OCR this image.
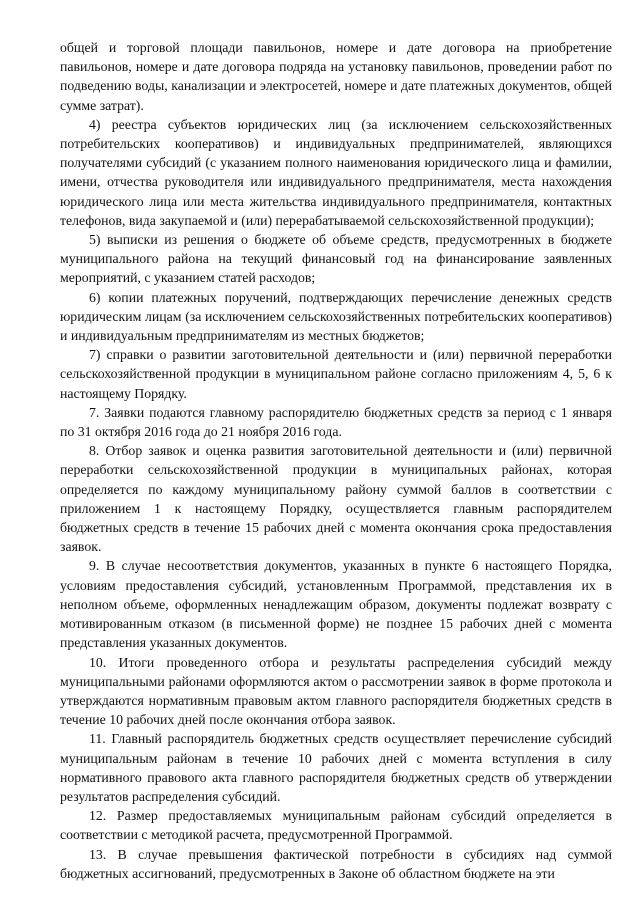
общей и торговой площади павильонов, номере и дате договора на приобретение павильонов, номере и дате договора подряда на установку павильонов, проведении работ по подведению воды, канализации и электросетей, номере и дате платежных документов, общей сумме затрат).

4) реестра субъектов юридических лиц (за исключением сельскохозяйственных потребительских кооперативов) и индивидуальных предпринимателей, являющихся получателями субсидий (с указанием полного наименования юридического лица и фамилии, имени, отчества руководителя или индивидуального предпринимателя, места нахождения юридического лица или места жительства индивидуального предпринимателя, контактных телефонов, вида закупаемой и (или) перерабатываемой сельскохозяйственной продукции);

5) выписки из решения о бюджете об объеме средств, предусмотренных в бюджете муниципального района на текущий финансовый год на финансирование заявленных мероприятий, с указанием статей расходов;

6) копии платежных поручений, подтверждающих перечисление денежных средств юридическим лицам (за исключением сельскохозяйственных потребительских кооперативов) и индивидуальным предпринимателям из местных бюджетов;

7) справки о развитии заготовительной деятельности и (или) первичной переработки сельскохозяйственной продукции в муниципальном районе согласно приложениям 4, 5, 6 к настоящему Порядку.

7. Заявки подаются главному распорядителю бюджетных средств за период с 1 января по 31 октября 2016 года до 21 ноября 2016 года.

8. Отбор заявок и оценка развития заготовительной деятельности и (или) первичной переработки сельскохозяйственной продукции в муниципальных районах, которая определяется по каждому муниципальному району суммой баллов в соответствии с приложением 1 к настоящему Порядку, осуществляется главным распорядителем бюджетных средств в течение 15 рабочих дней с момента окончания срока предоставления заявок.

9. В случае несоответствия документов, указанных в пункте 6 настоящего Порядка, условиям предоставления субсидий, установленным Программой, представления их в неполном объеме, оформленных ненадлежащим образом, документы подлежат возврату с мотивированным отказом (в письменной форме) не позднее 15 рабочих дней с момента представления указанных документов.

10. Итоги проведенного отбора и результаты распределения субсидий между муниципальными районами оформляются актом о рассмотрении заявок в форме протокола и утверждаются нормативным правовым актом главного распорядителя бюджетных средств в течение 10 рабочих дней после окончания отбора заявок.

11. Главный распорядитель бюджетных средств осуществляет перечисление субсидий муниципальным районам в течение 10 рабочих дней с момента вступления в силу нормативного правового акта главного распорядителя бюджетных средств об утверждении результатов распределения субсидий.

12. Размер предоставляемых муниципальным районам субсидий определяется в соответствии с методикой расчета, предусмотренной Программой.

13. В случае превышения фактической потребности в субсидиях над суммой бюджетных ассигнований, предусмотренных в Законе об областном бюджете на эти
